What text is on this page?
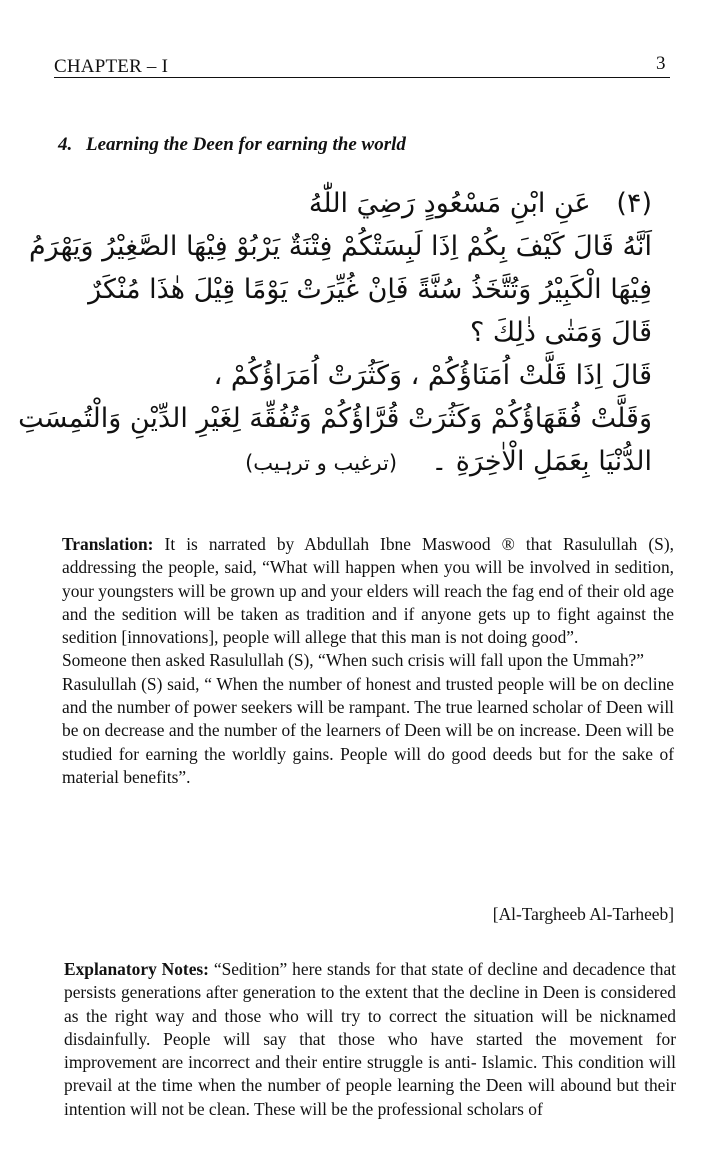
CHAPTER – I	3
4. Learning the Deen for earning the world
(۴)   عَنِ ابْنِ مَسْعُودٍ رَضِيَ اللّٰهُ
اَنَّهُ قَالَ كَيْفَ بِكُمْ اِذَا لَبِسَتْكُمْ فِتْنَةٌ يَرْبُوْ فِيْهَا الصَّغِيْرُ وَيَهْرَمُ
فِيْهَا الْكَبِيْرُ وَتُتَّخَذُ سُنَّةً فَاِنْ غُيِّرَتْ يَوْمًا قِيْلَ هٰذَا مُنْكَرٌ
قَالَ وَمَتٰى ذٰلِكَ ؟
قَالَ اِذَا قَلَّتْ اُمَنَاؤُكُمْ ، وَكَثُرَتْ اُمَرَاؤُكُمْ ،
وَقَلَّتْ فُقَهَاؤُكُمْ وَكَثُرَتْ قُرَّاؤُكُمْ وَتُفُقِّهَ لِغَيْرِ الدِّيْنِ وَالْتُمِسَتِ
الدُّنْيَا بِعَمَلِ الْاٰخِرَةِ ۔    (ترغیب و ترہیب)

Translation: It is narrated by Abdullah Ibne Maswood ® that Rasulullah (S), addressing the people, said, “What will happen when you will be involved in sedition, your youngsters will be grown up and your elders will reach the fag end of their old age and the sedition will be taken as tradition and if anyone gets up to fight against the sedition [innovations], people will allege that this man is not doing good”.

Someone then asked Rasulullah (S), “When such crisis will fall upon the Ummah?”

Rasulullah (S) said, “ When the number of honest and trusted people will be on decline and the number of power seekers will be rampant. The true learned scholar of Deen will be on decrease and the number of the learners of Deen will be on increase. Deen will be studied for earning the worldly gains. People will do good deeds but for the sake of material benefits”.

[Al-Targheeb Al-Tarheeb]

Explanatory Notes: “Sedition” here stands for that state of decline and decadence that persists generations after generation to the extent that the decline in Deen is considered as the right way and those who will try to correct the situation will be nicknamed disdainfully. People will say that those who have started the movement for improvement are incorrect and their entire struggle is anti- Islamic. This condition will prevail at the time when the number of people learning the Deen will abound but their intention will not be clean. These will be the professional scholars of
